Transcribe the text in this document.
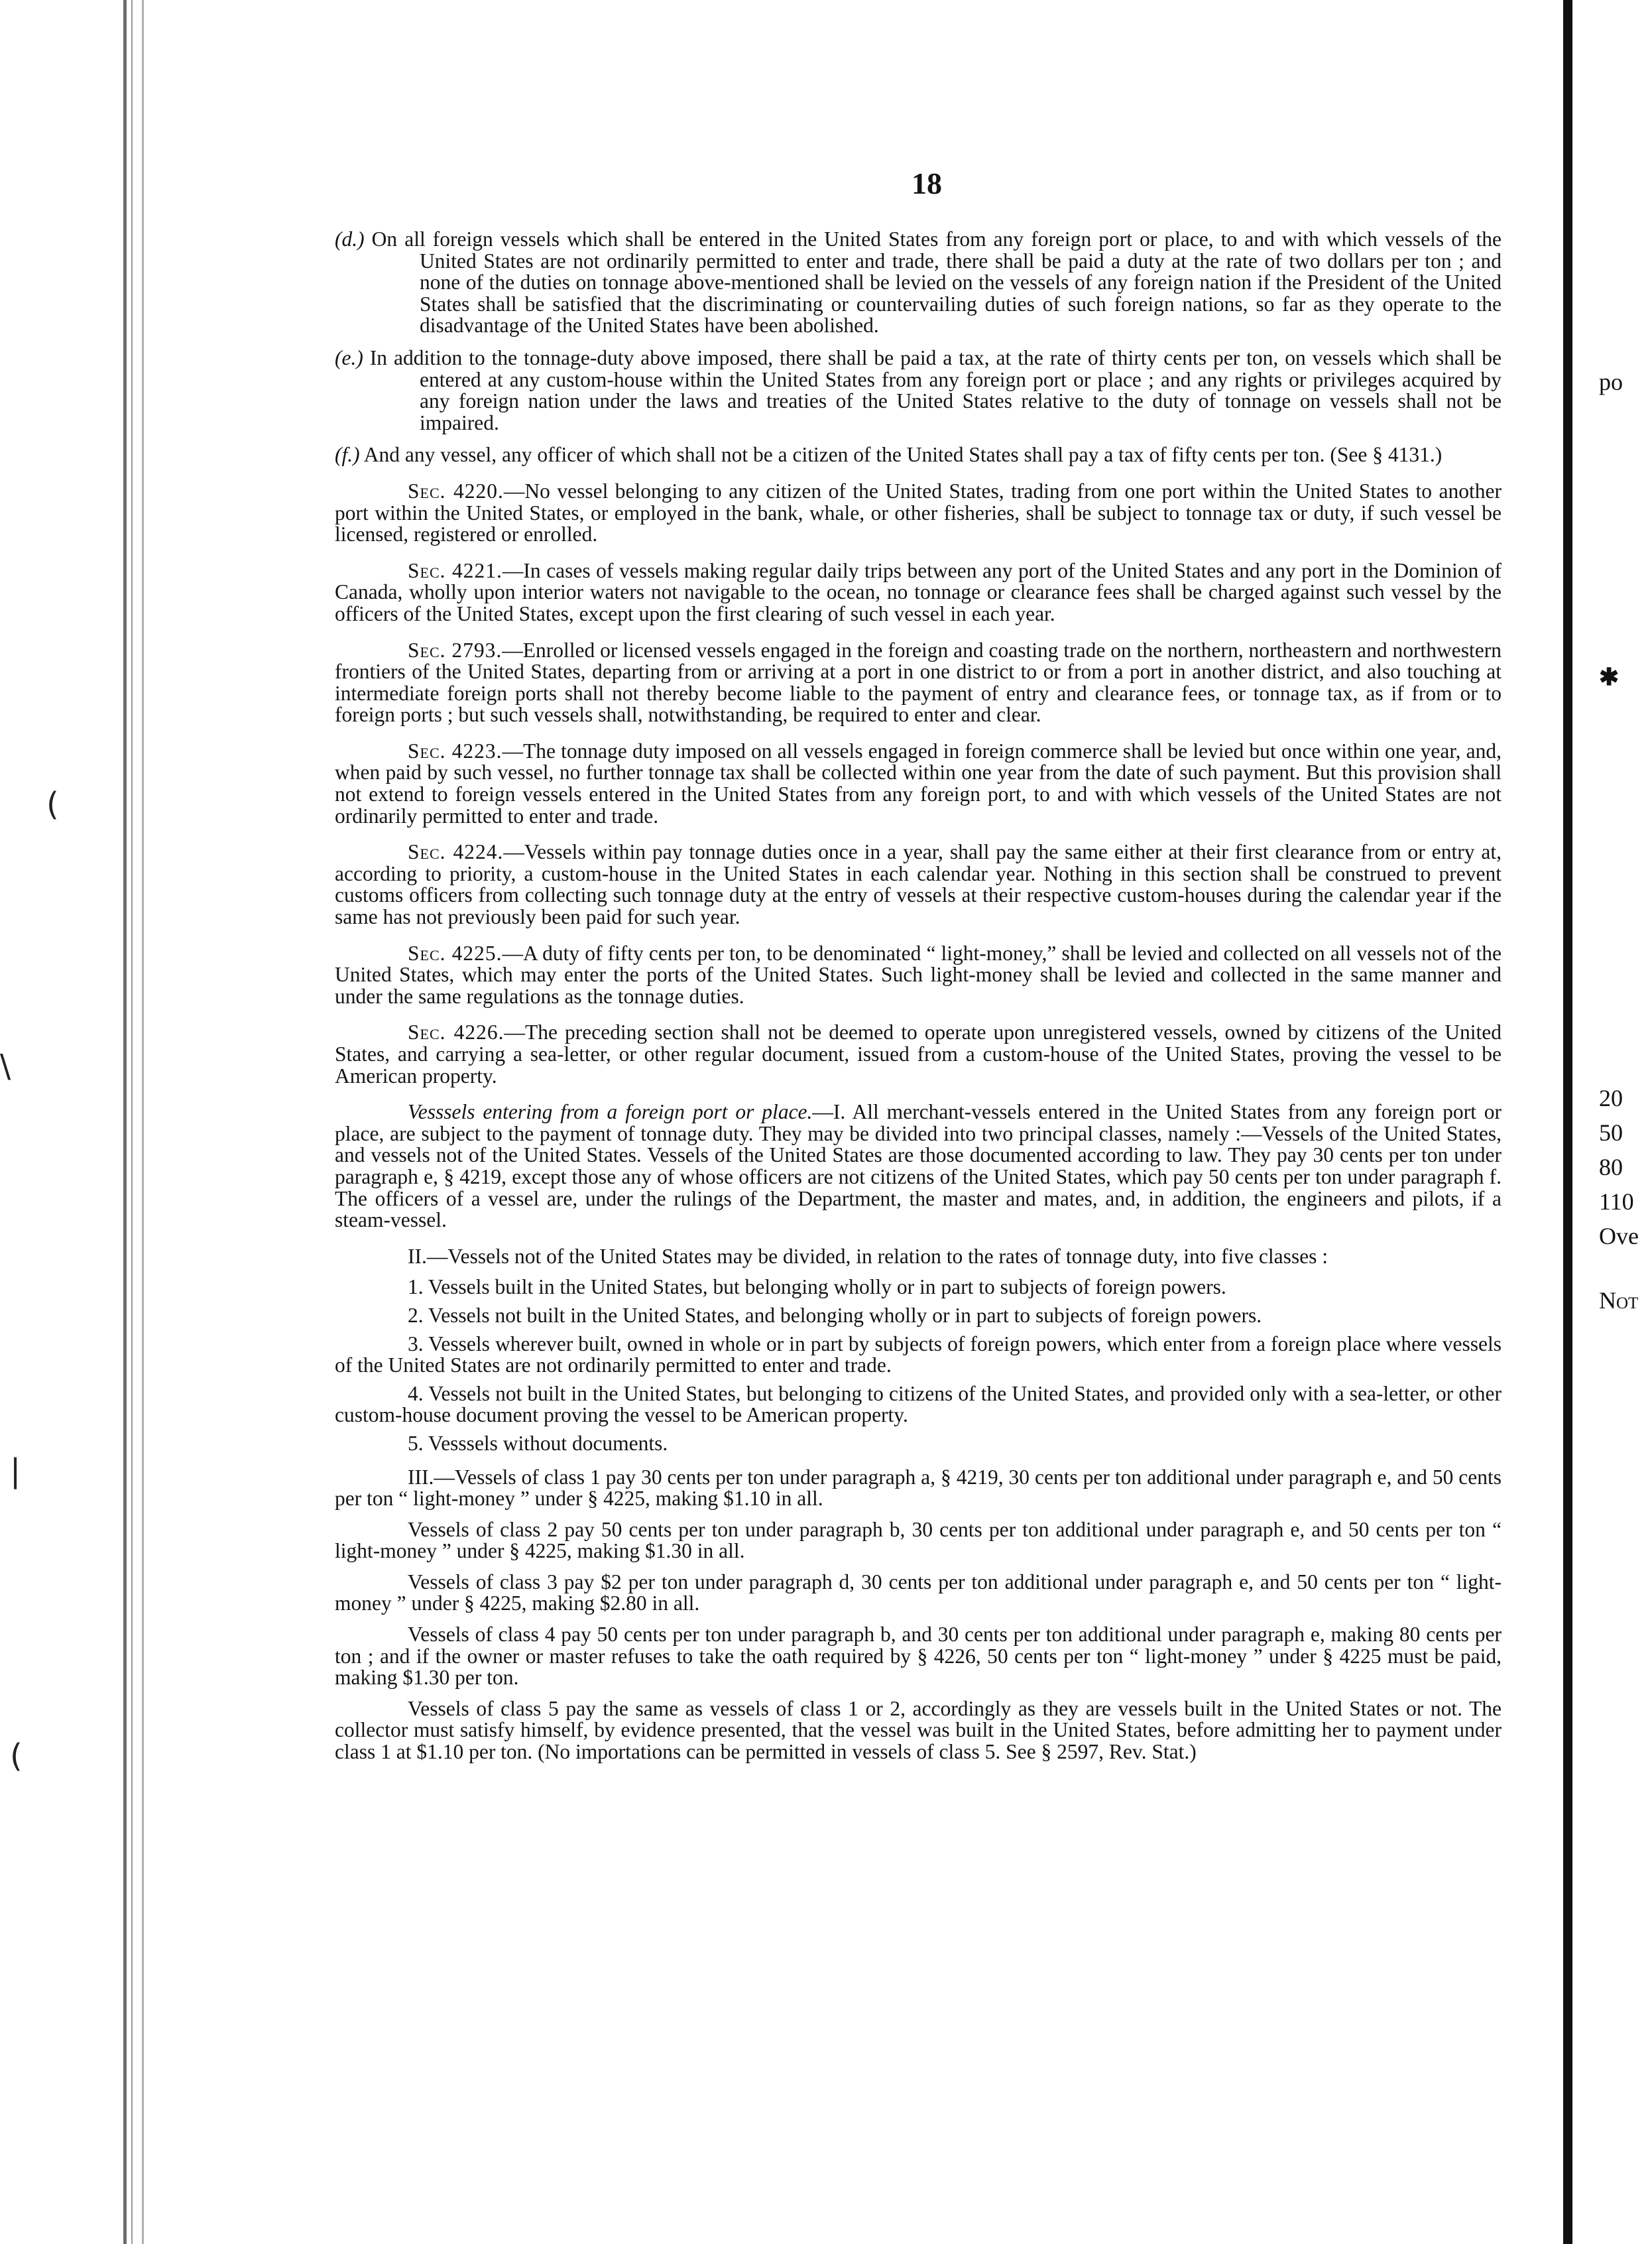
(
\
|
(
po
✱
20
50
80
110
Ove
Not
18

(d.) On all foreign vessels which shall be entered in the United States from any foreign port or place, to and with which vessels of the United States are not ordinarily permitted to enter and trade, there shall be paid a duty at the rate of two dollars per ton ; and none of the duties on tonnage above-mentioned shall be levied on the vessels of any foreign nation if the President of the United States shall be satisfied that the discriminating or countervailing duties of such foreign nations, so far as they operate to the disadvantage of the United States have been abolished.

(e.) In addition to the tonnage-duty above imposed, there shall be paid a tax, at the rate of thirty cents per ton, on vessels which shall be entered at any custom-house within the United States from any foreign port or place ; and any rights or privileges acquired by any foreign nation under the laws and treaties of the United States relative to the duty of tonnage on vessels shall not be impaired.

(f.) And any vessel, any officer of which shall not be a citizen of the United States shall pay a tax of fifty cents per ton. (See § 4131.)

Sec. 4220.—No vessel belonging to any citizen of the United States, trading from one port within the United States to another port within the United States, or employed in the bank, whale, or other fisheries, shall be subject to tonnage tax or duty, if such vessel be licensed, registered or enrolled.

Sec. 4221.—In cases of vessels making regular daily trips between any port of the United States and any port in the Dominion of Canada, wholly upon interior waters not navigable to the ocean, no tonnage or clearance fees shall be charged against such vessel by the officers of the United States, except upon the first clearing of such vessel in each year.

Sec. 2793.—Enrolled or licensed vessels engaged in the foreign and coasting trade on the northern, northeastern and northwestern frontiers of the United States, departing from or arriving at a port in one district to or from a port in another district, and also touching at intermediate foreign ports shall not thereby become liable to the payment of entry and clearance fees, or tonnage tax, as if from or to foreign ports ; but such vessels shall, notwithstanding, be required to enter and clear.

Sec. 4223.—The tonnage duty imposed on all vessels engaged in foreign commerce shall be levied but once within one year, and, when paid by such vessel, no further tonnage tax shall be collected within one year from the date of such payment. But this provision shall not extend to foreign vessels entered in the United States from any foreign port, to and with which vessels of the United States are not ordinarily permitted to enter and trade.

Sec. 4224.—Vessels within pay tonnage duties once in a year, shall pay the same either at their first clearance from or entry at, according to priority, a custom-house in the United States in each calendar year. Nothing in this section shall be construed to prevent customs officers from collecting such tonnage duty at the entry of vessels at their respective custom-houses during the calendar year if the same has not previously been paid for such year.

Sec. 4225.—A duty of fifty cents per ton, to be denominated “ light-money,” shall be levied and collected on all vessels not of the United States, which may enter the ports of the United States. Such light-money shall be levied and collected in the same manner and under the same regulations as the tonnage duties.

Sec. 4226.—The preceding section shall not be deemed to operate upon unregistered vessels, owned by citizens of the United States, and carrying a sea-letter, or other regular document, issued from a custom-house of the United States, proving the vessel to be American property.

Vesssels entering from a foreign port or place.—I. All merchant-vessels entered in the United States from any foreign port or place, are subject to the payment of tonnage duty. They may be divided into two principal classes, namely :—Vessels of the United States, and vessels not of the United States. Vessels of the United States are those documented according to law. They pay 30 cents per ton under paragraph e, § 4219, except those any of whose officers are not citizens of the United States, which pay 50 cents per ton under paragraph f. The officers of a vessel are, under the rulings of the Department, the master and mates, and, in addition, the engineers and pilots, if a steam-vessel.

II.—Vessels not of the United States may be divided, in relation to the rates of tonnage duty, into five classes :

1. Vessels built in the United States, but belonging wholly or in part to subjects of foreign powers.

2. Vessels not built in the United States, and belonging wholly or in part to subjects of foreign powers.

3. Vessels wherever built, owned in whole or in part by subjects of foreign powers, which enter from a foreign place where vessels of the United States are not ordinarily permitted to enter and trade.

4. Vessels not built in the United States, but belonging to citizens of the United States, and provided only with a sea-letter, or other custom-house document proving the vessel to be American property.

5. Vesssels without documents.

III.—Vessels of class 1 pay 30 cents per ton under paragraph a, § 4219, 30 cents per ton additional under paragraph e, and 50 cents per ton “ light-money ” under § 4225, making $1.10 in all.

Vessels of class 2 pay 50 cents per ton under paragraph b, 30 cents per ton additional under paragraph e, and 50 cents per ton “ light-money ” under § 4225, making $1.30 in all.

Vessels of class 3 pay $2 per ton under paragraph d, 30 cents per ton additional under paragraph e, and 50 cents per ton “ light-money ” under § 4225, making $2.80 in all.

Vessels of class 4 pay 50 cents per ton under paragraph b, and 30 cents per ton additional under paragraph e, making 80 cents per ton ; and if the owner or master refuses to take the oath required by § 4226, 50 cents per ton “ light-money ” under § 4225 must be paid, making $1.30 per ton.

Vessels of class 5 pay the same as vessels of class 1 or 2, accordingly as they are vessels built in the United States or not. The collector must satisfy himself, by evidence presented, that the vessel was built in the United States, before admitting her to payment under class 1 at $1.10 per ton. (No importations can be permitted in vessels of class 5. See § 2597, Rev. Stat.)
